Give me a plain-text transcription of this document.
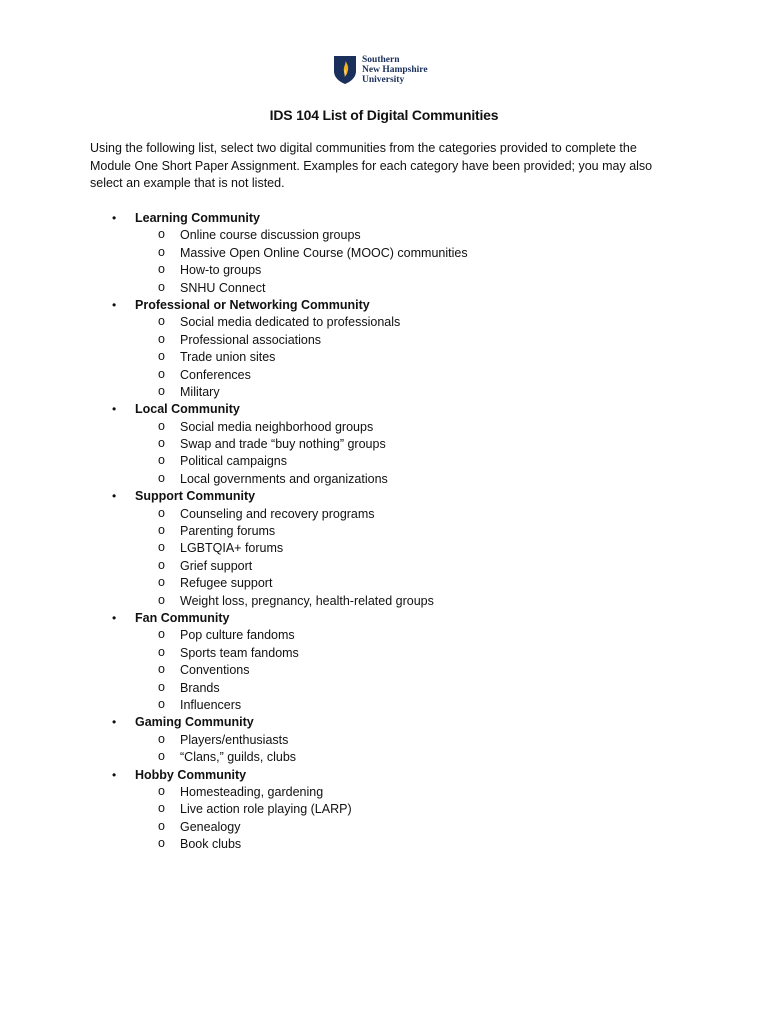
Southern
New Hampshire
University
IDS 104 List of Digital Communities

Using the following list, select two digital communities from the categories provided to complete the Module One Short Paper Assignment. Examples for each category have been provided; you may also select an example that is not listed.

• Learning Community
o Online course discussion groups
o Massive Open Online Course (MOOC) communities
o How-to groups
o SNHU Connect
• Professional or Networking Community
o Social media dedicated to professionals
o Professional associations
o Trade union sites
o Conferences
o Military
• Local Community
o Social media neighborhood groups
o Swap and trade “buy nothing” groups
o Political campaigns
o Local governments and organizations
• Support Community
o Counseling and recovery programs
o Parenting forums
o LGBTQIA+ forums
o Grief support
o Refugee support
o Weight loss, pregnancy, health-related groups
• Fan Community
o Pop culture fandoms
o Sports team fandoms
o Conventions
o Brands
o Influencers
• Gaming Community
o Players/enthusiasts
o “Clans,” guilds, clubs
• Hobby Community
o Homesteading, gardening
o Live action role playing (LARP)
o Genealogy
o Book clubs
